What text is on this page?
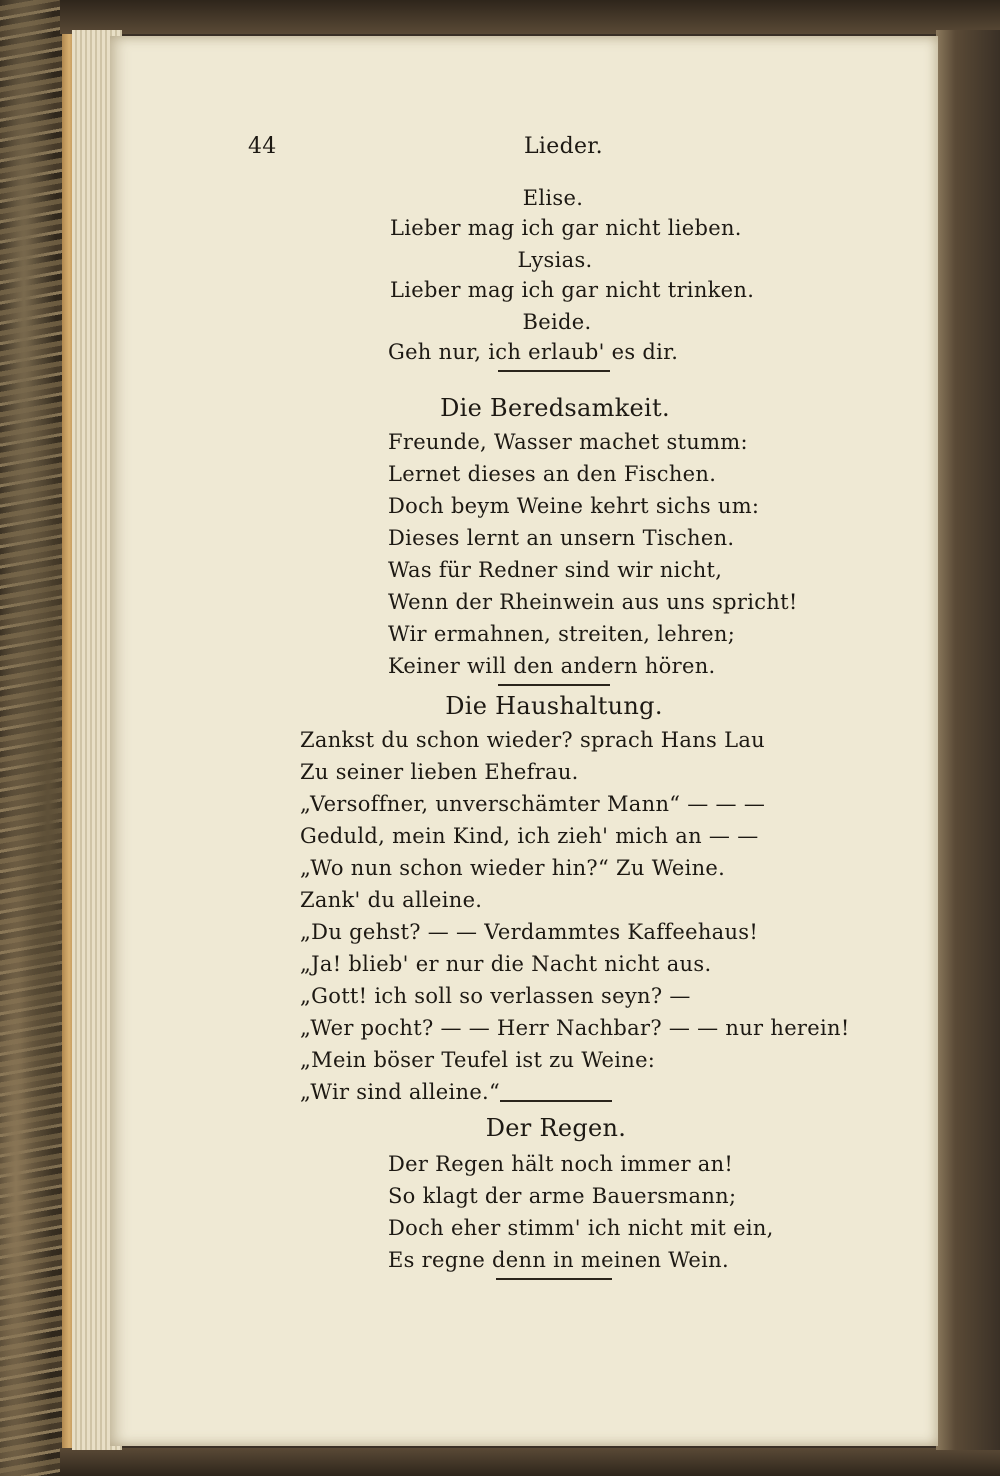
44	Lieder.
Elise.
Lieber mag ich gar nicht lieben.
Lysias.
Lieber mag ich gar nicht trinken.
Beide.
Geh nur, ich erlaub' es dir.
Die Beredsamkeit.
Freunde, Wasser machet stumm:
Lernet dieses an den Fischen.
Doch beym Weine kehrt sichs um:
Dieses lernt an unsern Tischen.
Was für Redner sind wir nicht,
Wenn der Rheinwein aus uns spricht!
Wir ermahnen, streiten, lehren;
Keiner will den andern hören.
Die Haushaltung.
Zankst du schon wieder? sprach Hans Lau
Zu seiner lieben Ehefrau.
„Versoffner, unverschämter Mann“ — — —
Geduld, mein Kind, ich zieh' mich an — —
„Wo nun schon wieder hin?“ Zu Weine.
Zank' du alleine.
„Du gehst? — — Verdammtes Kaffeehaus!
„Ja! blieb' er nur die Nacht nicht aus.
„Gott! ich soll so verlassen seyn? —
„Wer pocht? — — Herr Nachbar? — — nur herein!
„Mein böser Teufel ist zu Weine:
„Wir sind alleine.“
Der Regen.
Der Regen hält noch immer an!
So klagt der arme Bauersmann;
Doch eher stimm' ich nicht mit ein,
Es regne denn in meinen Wein.
